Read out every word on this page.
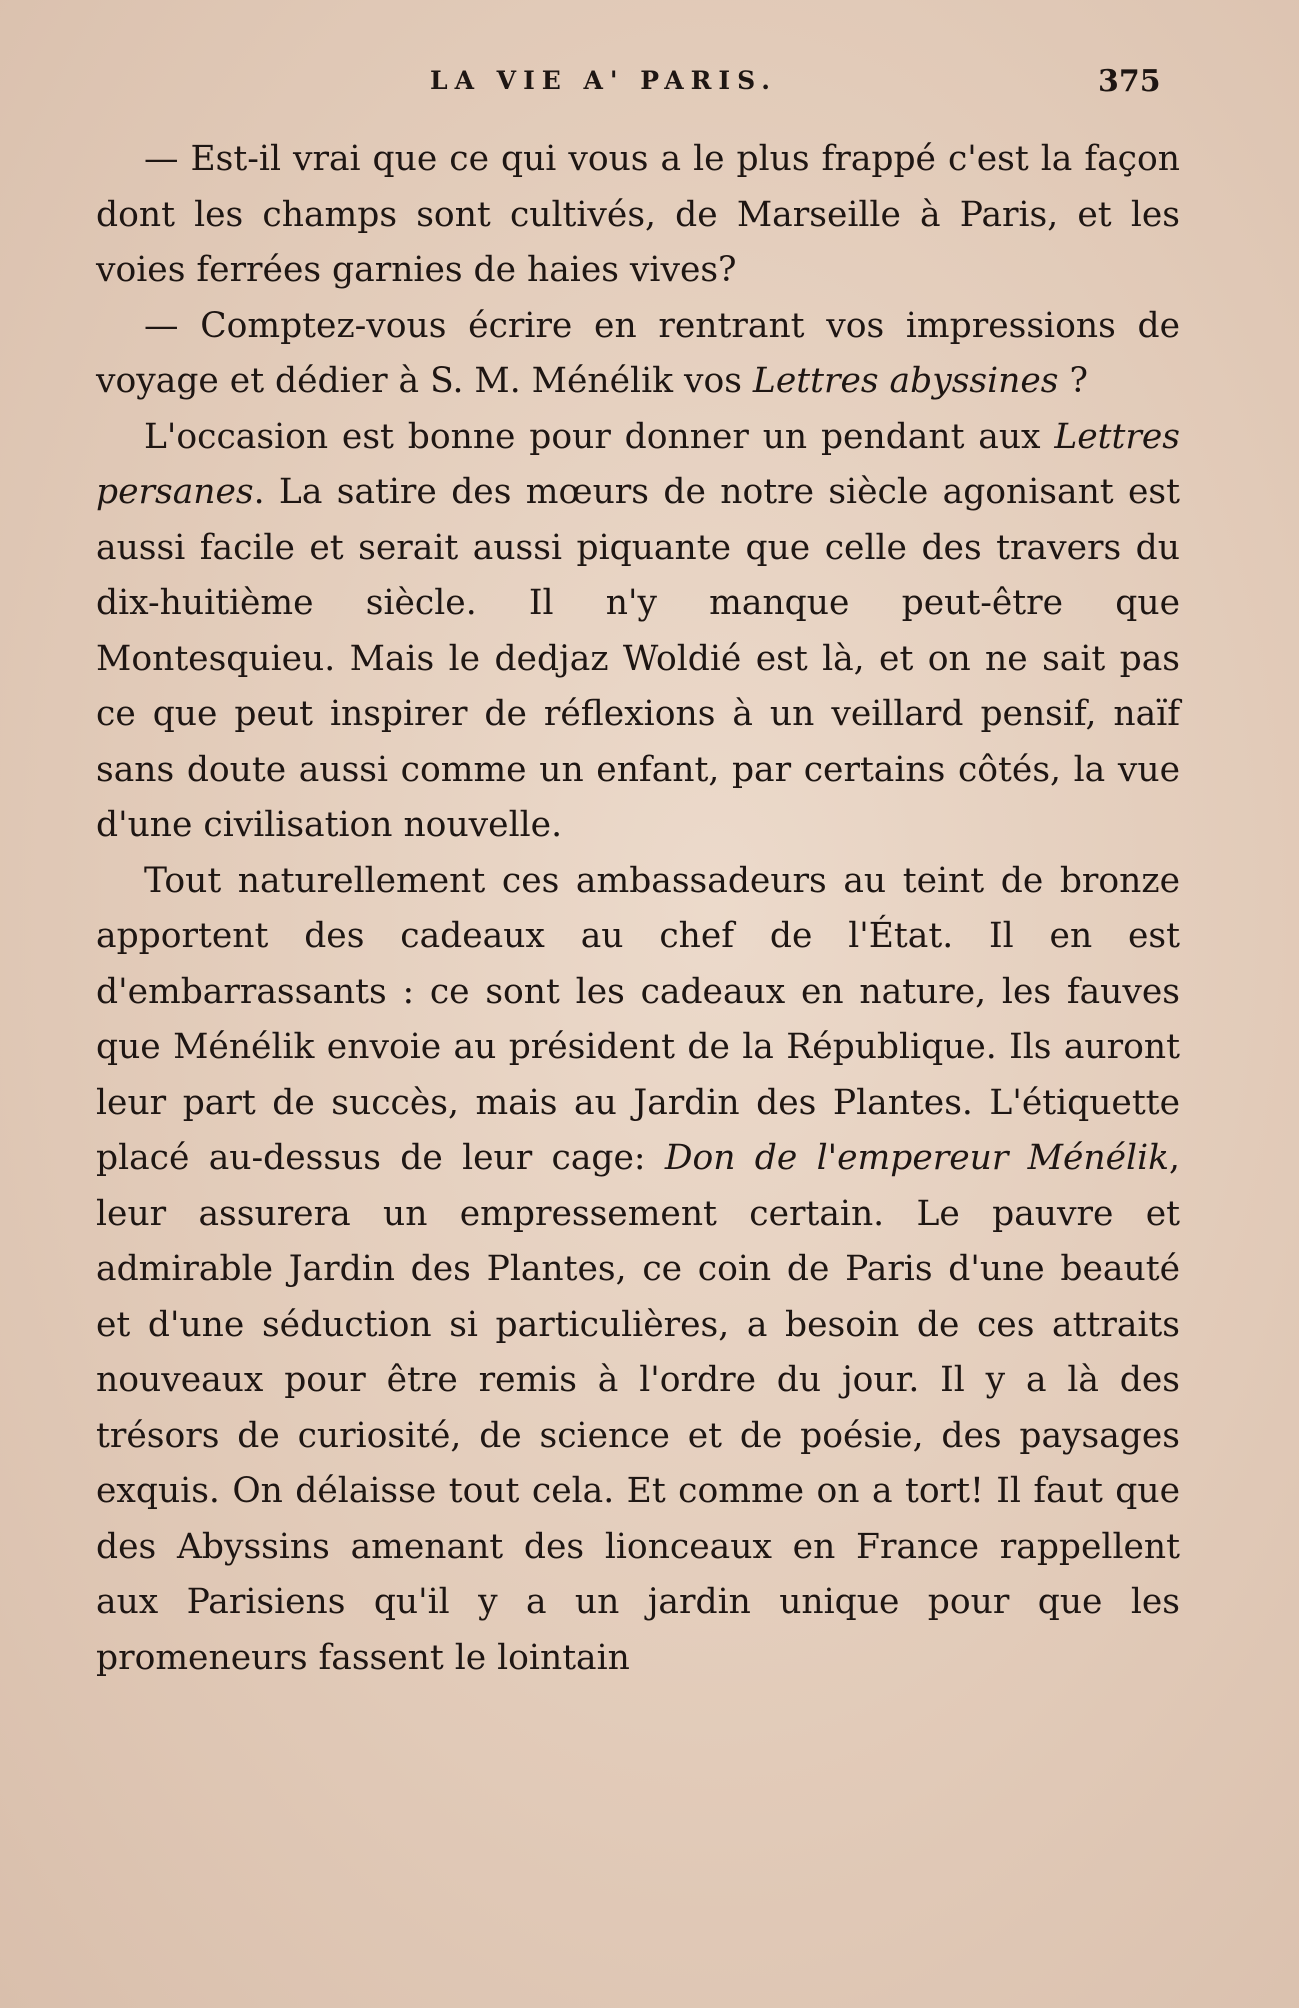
LA VIE A' PARIS.	375

— Est-il vrai que ce qui vous a le plus frappé c'est la façon dont les champs sont cultivés, de Marseille à Paris, et les voies ferrées garnies de haies vives?

— Comptez-vous écrire en rentrant vos impressions de voyage et dédier à S. M. Ménélik vos Lettres abyssines ?

L'occasion est bonne pour donner un pendant aux Lettres persanes. La satire des mœurs de notre siècle agonisant est aussi facile et serait aussi piquante que celle des travers du dix-huitième siècle. Il n'y manque peut-être que Montesquieu. Mais le dedjaz Woldié est là, et on ne sait pas ce que peut inspirer de réflexions à un veillard pensif, naïf sans doute aussi comme un enfant, par certains côtés, la vue d'une civilisation nouvelle.

Tout naturellement ces ambassadeurs au teint de bronze apportent des cadeaux au chef de l'État. Il en est d'embarrassants : ce sont les cadeaux en nature, les fauves que Ménélik envoie au président de la République. Ils auront leur part de succès, mais au Jardin des Plantes. L'étiquette placé au-dessus de leur cage: Don de l'empereur Ménélik, leur assurera un empressement certain. Le pauvre et admirable Jardin des Plantes, ce coin de Paris d'une beauté et d'une séduction si particulières, a besoin de ces attraits nouveaux pour être remis à l'ordre du jour. Il y a là des trésors de curiosité, de science et de poésie, des paysages exquis. On délaisse tout cela. Et comme on a tort! Il faut que des Abyssins amenant des lionceaux en France rappellent aux Parisiens qu'il y a un jardin unique pour que les promeneurs fassent le lointain
